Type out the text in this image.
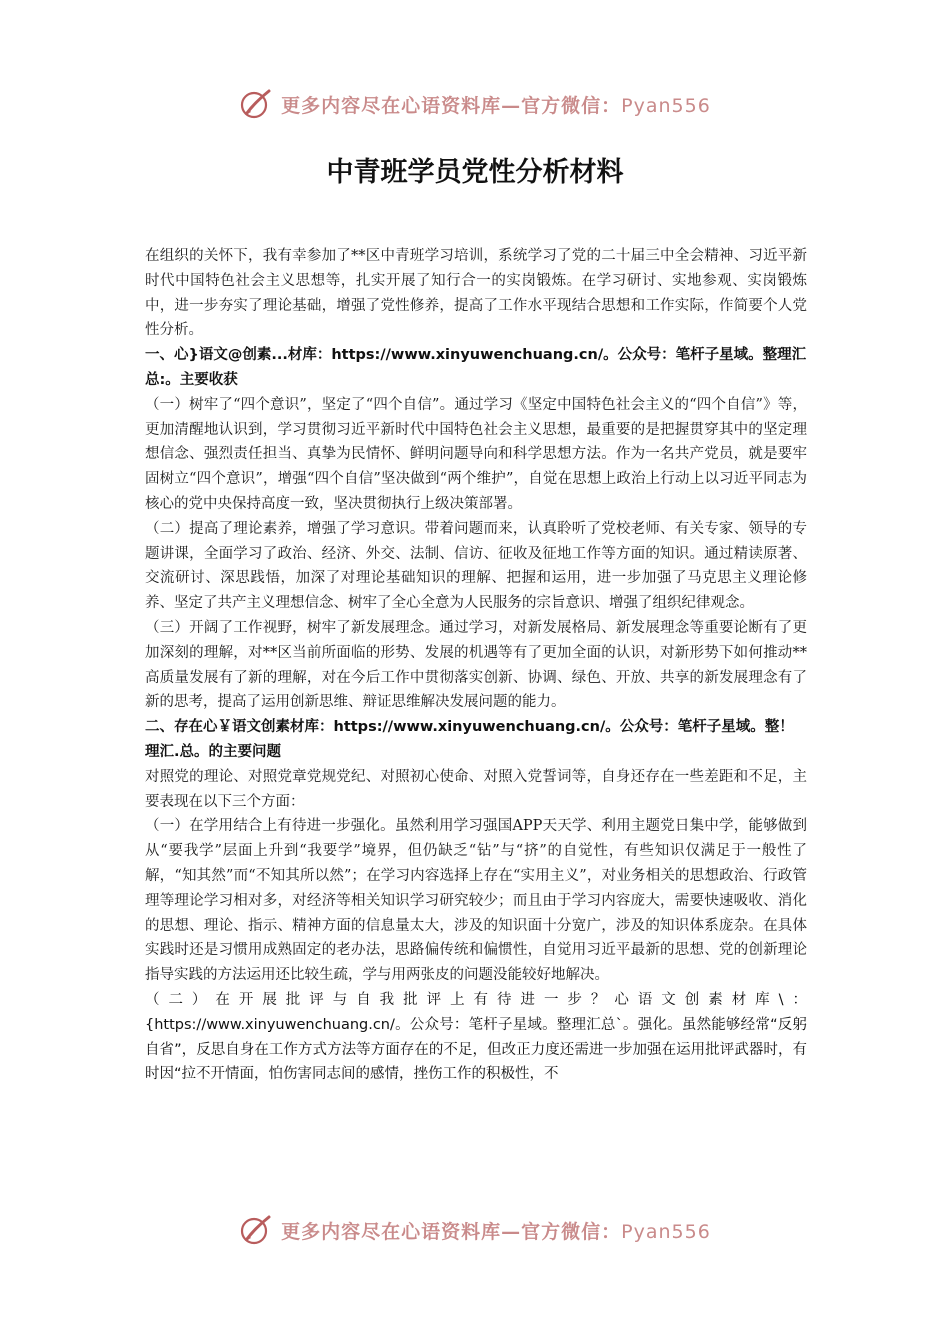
更多内容尽在心语资料库—官方微信：Pyan556
中青班学员党性分析材料

在组织的关怀下，我有幸参加了**区中青班学习培训，系统学习了党的二十届三中全会精神、习近平新时代中国特色社会主义思想等，扎实开展了知行合一的实岗锻炼。在学习研讨、实地参观、实岗锻炼中，进一步夯实了理论基础，增强了党性修养，提高了工作水平现结合思想和工作实际，作简要个人党性分析。

一、心}语文@创素...材库：https://www.xinyuwenchuang.cn/。公众号：笔杆子星域。整理汇总:。主要收获

（一）树牢了“四个意识”，坚定了“四个自信”。通过学习《坚定中国特色社会主义的“四个自信”》等，更加清醒地认识到，学习贯彻习近平新时代中国特色社会主义思想，最重要的是把握贯穿其中的坚定理想信念、强烈责任担当、真挚为民情怀、鲜明问题导向和科学思想方法。作为一名共产党员，就是要牢固树立“四个意识”，增强“四个自信”坚决做到“两个维护”，自觉在思想上政治上行动上以习近平同志为核心的党中央保持高度一致，坚决贯彻执行上级决策部署。

（二）提高了理论素养，增强了学习意识。带着问题而来，认真聆听了党校老师、有关专家、领导的专题讲课，全面学习了政治、经济、外交、法制、信访、征收及征地工作等方面的知识。通过精读原著、交流研讨、深思践悟，加深了对理论基础知识的理解、把握和运用，进一步加强了马克思主义理论修养、坚定了共产主义理想信念、树牢了全心全意为人民服务的宗旨意识、增强了组织纪律观念。

（三）开阔了工作视野，树牢了新发展理念。通过学习，对新发展格局、新发展理念等重要论断有了更加深刻的理解，对**区当前所面临的形势、发展的机遇等有了更加全面的认识，对新形势下如何推动**高质量发展有了新的理解，对在今后工作中贯彻落实创新、协调、绿色、开放、共享的新发展理念有了新的思考，提高了运用创新思维、辩证思维解决发展问题的能力。

二、存在心￥语文创素材库：https://www.xinyuwenchuang.cn/。公众号：笔杆子星域。整！理汇.总。的主要问题

对照党的理论、对照党章党规党纪、对照初心使命、对照入党誓词等，自身还存在一些差距和不足，主要表现在以下三个方面：

（一）在学用结合上有待进一步强化。虽然利用学习强国APP天天学、利用主题党日集中学，能够做到从“要我学”层面上升到“我要学”境界，但仍缺乏“钻”与“挤”的自觉性，有些知识仅满足于一般性了解，“知其然”而“不知其所以然”；在学习内容选择上存在“实用主义”，对业务相关的思想政治、行政管理等理论学习相对多，对经济等相关知识学习研究较少；而且由于学习内容庞大，需要快速吸收、消化的思想、理论、指示、精神方面的信息量太大，涉及的知识面十分宽广，涉及的知识体系庞杂。在具体实践时还是习惯用成熟固定的老办法，思路偏传统和偏惯性，自觉用习近平最新的思想、党的创新理论指导实践的方法运用还比较生疏，学与用两张皮的问题没能较好地解决。

（二）在开展批评与自我批评上有待进一步？心语文创素材库\：{https://www.xinyuwenchuang.cn/。公众号：笔杆子星域。整理汇总`。强化。虽然能够经常“反躬自省”，反思自身在工作方式方法等方面存在的不足，但改正力度还需进一步加强在运用批评武器时，有时因“拉不开情面，怕伤害同志间的感情，挫伤工作的积极性，不

更多内容尽在心语资料库—官方微信：Pyan556
